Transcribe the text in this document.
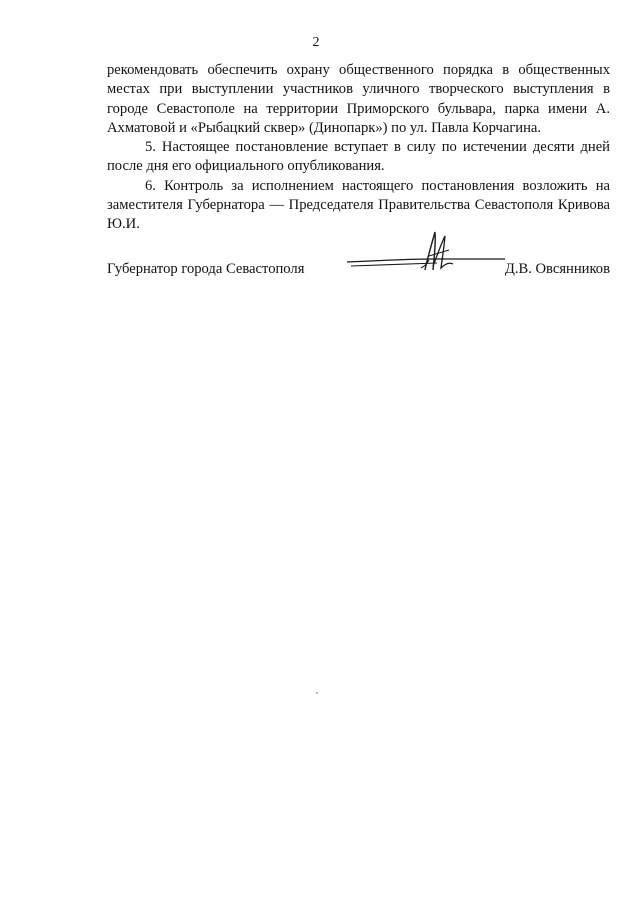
2

рекомендовать обеспечить охрану общественного порядка в общественных местах при выступлении участников уличного творческого выступления в городе Севастополе на территории Приморского бульвара, парка имени А. Ахматовой и «Рыбацкий сквер» (Динопарк») по ул. Павла Корчагина.

5. Настоящее постановление вступает в силу по истечении десяти дней после дня его официального опубликования.

6. Контроль за исполнением настоящего постановления возложить на заместителя Губернатора — Председателя Правительства Севастополя Кривова Ю.И.

Губернатор города Севастополя	Д.В. Овсянников
